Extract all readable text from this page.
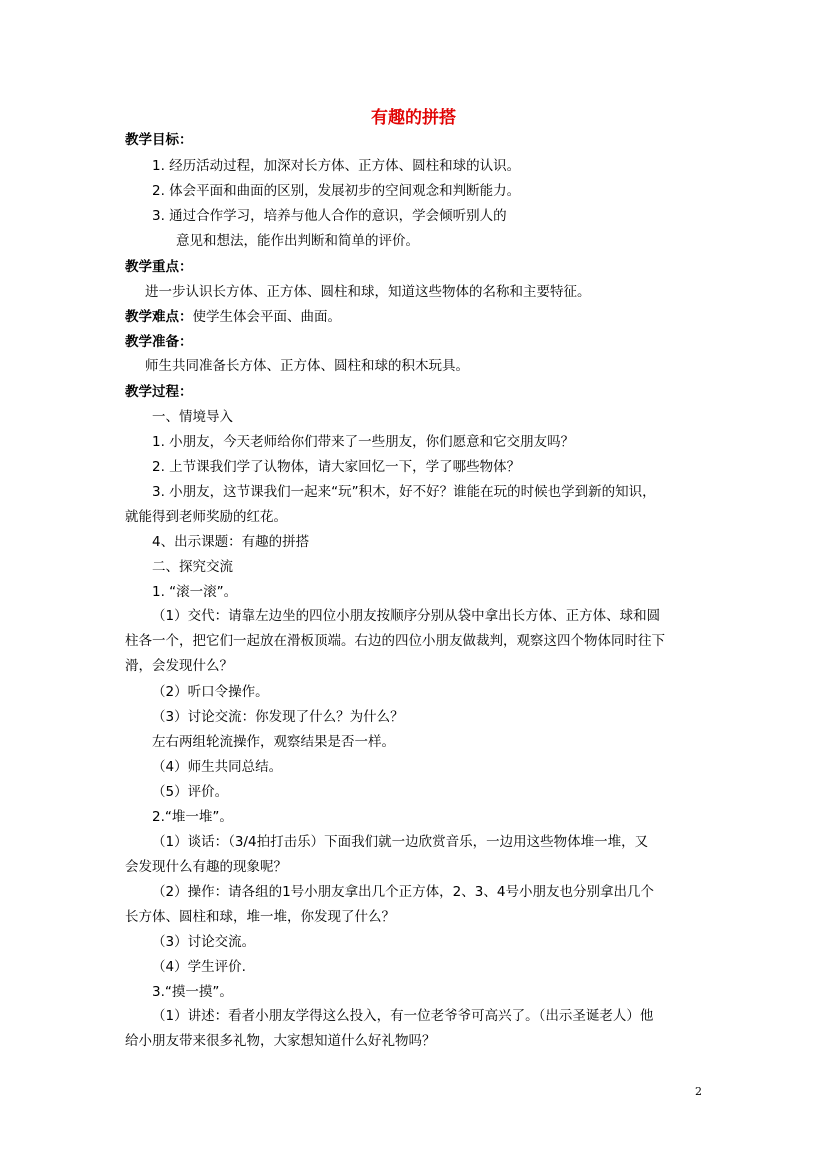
有趣的拼搭
教学目标：
1. 经历活动过程，加深对长方体、正方体、圆柱和球的认识。
2. 体会平面和曲面的区别，发展初步的空间观念和判断能力。
3. 通过合作学习，培养与他人合作的意识，学会倾听别人的
意见和想法，能作出判断和简单的评价。
教学重点：
进一步认识长方体、正方体、圆柱和球，知道这些物体的名称和主要特征。
教学难点：使学生体会平面、曲面。
教学准备：
师生共同准备长方体、正方体、圆柱和球的积木玩具。
教学过程：
一、情境导入
1. 小朋友，今天老师给你们带来了一些朋友，你们愿意和它交朋友吗？
2. 上节课我们学了认物体，请大家回忆一下，学了哪些物体？
3. 小朋友，这节课我们一起来“玩”积木，好不好？谁能在玩的时候也学到新的知识，
就能得到老师奖励的红花。
4、出示课题：有趣的拼搭
二、探究交流
1. “滚一滚”。
（1）交代：请靠左边坐的四位小朋友按顺序分别从袋中拿出长方体、正方体、球和圆
柱各一个，把它们一起放在滑板顶端。右边的四位小朋友做裁判，观察这四个物体同时往下
滑，会发现什么？
（2）听口令操作。
（3）讨论交流：你发现了什么？为什么？
左右两组轮流操作，观察结果是否一样。
（4）师生共同总结。
（5）评价。
2.“堆一堆”。
（1）谈话：（3/4拍打击乐）下面我们就一边欣赏音乐，一边用这些物体堆一堆，又
会发现什么有趣的现象呢？
（2）操作：请各组的1号小朋友拿出几个正方体，2、3、4号小朋友也分别拿出几个
长方体、圆柱和球，堆一堆，你发现了什么？
（3）讨论交流。
（4）学生评价.
3.“摸一摸”。
（1）讲述：看者小朋友学得这么投入，有一位老爷爷可高兴了。（出示圣诞老人）他
给小朋友带来很多礼物，大家想知道什么好礼物吗？
2
